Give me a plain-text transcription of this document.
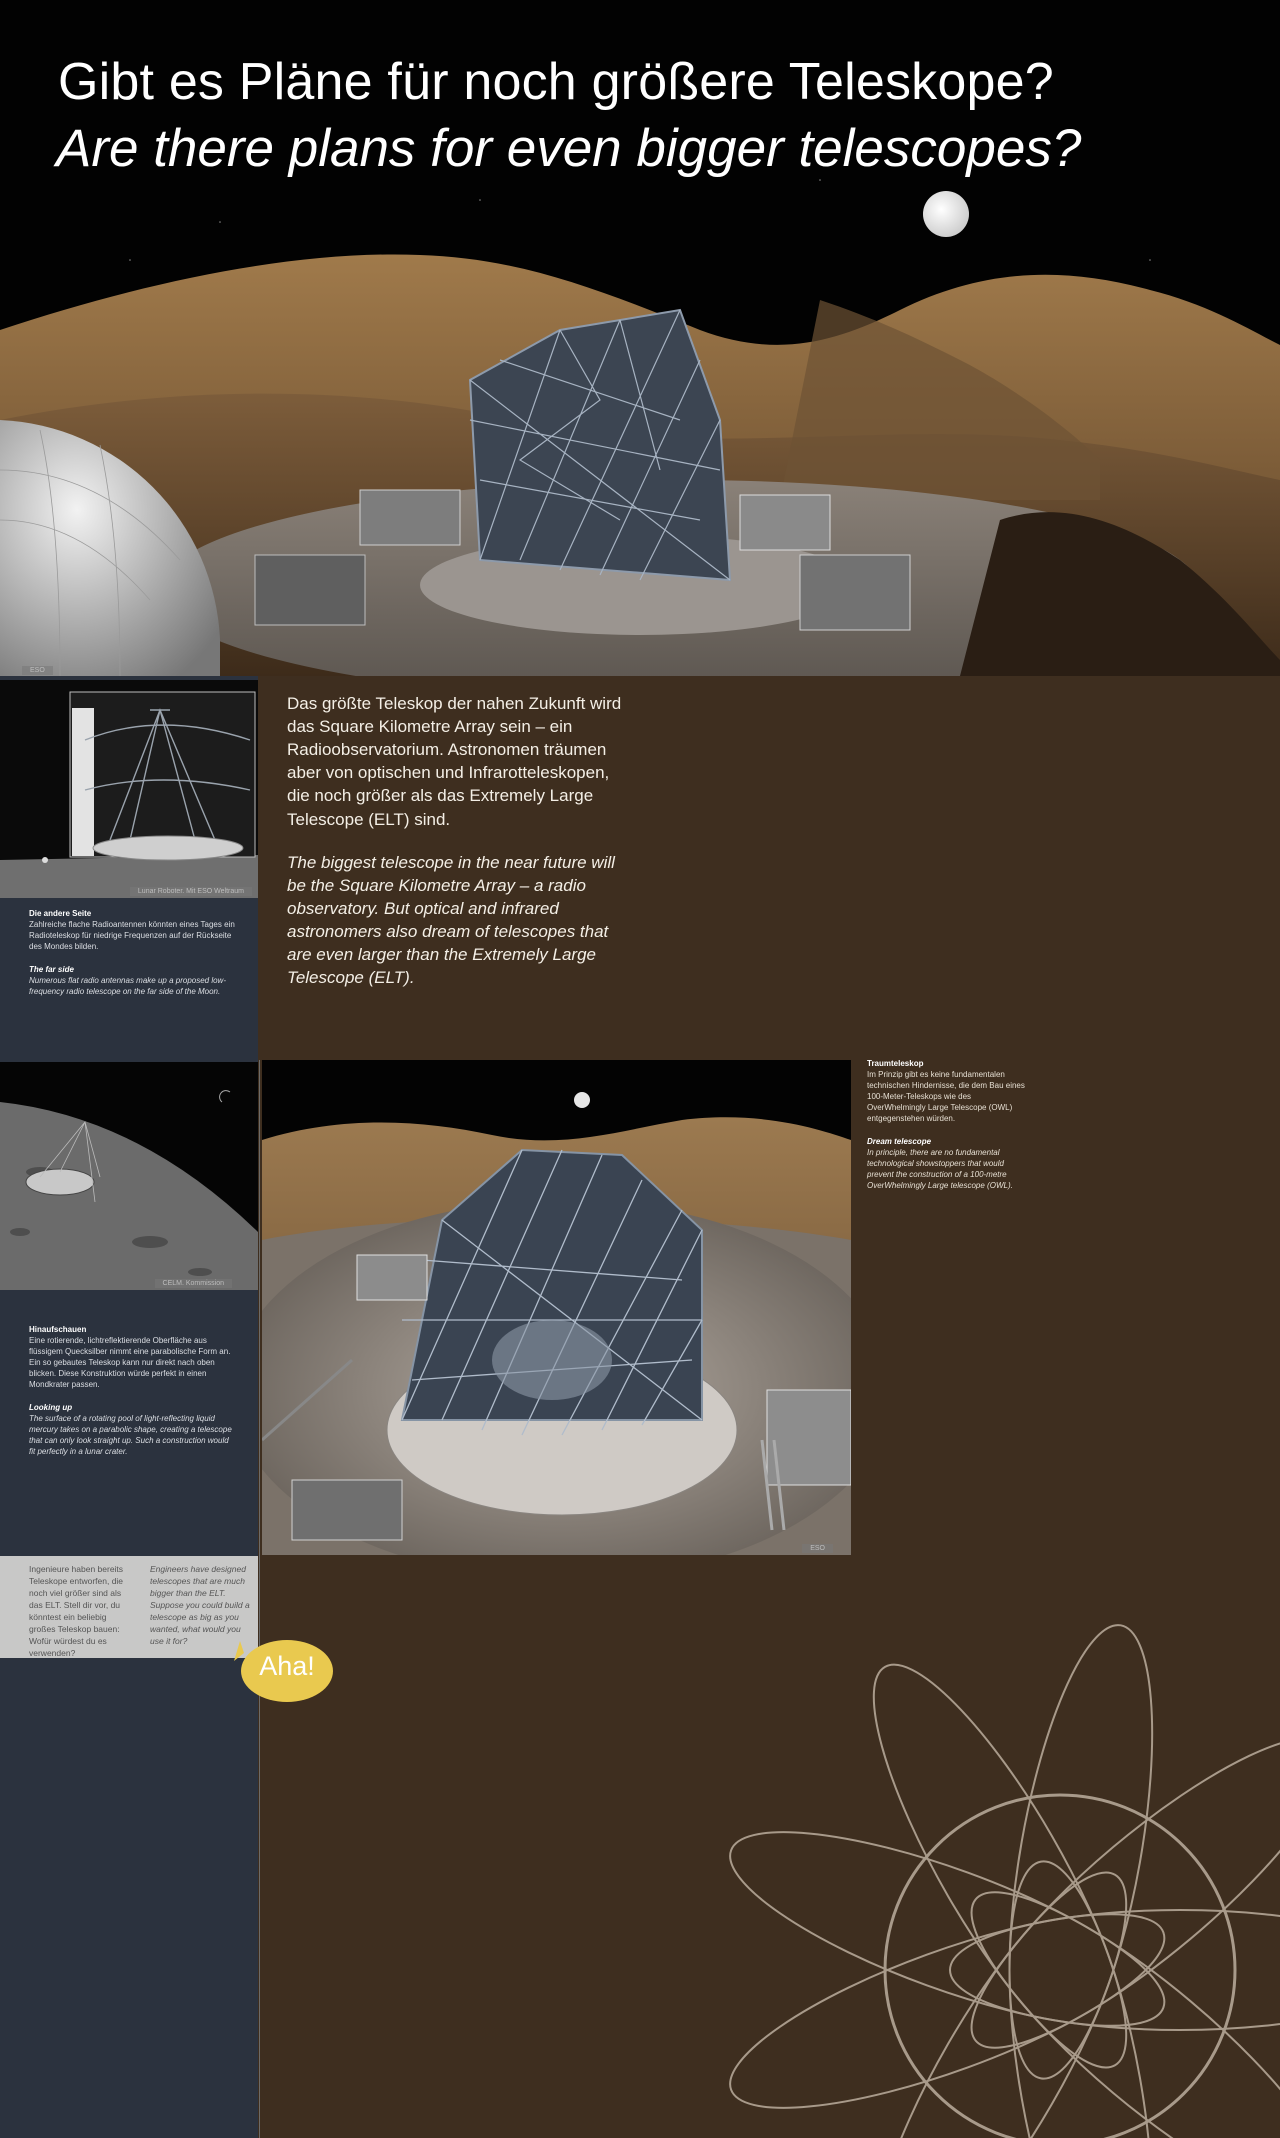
Gibt es Pläne für noch größere Teleskope?
Are there plans for even bigger telescopes?
ESO
Lunar Roboter. Mit ESO Weltraum

Die andere Seite

Zahlreiche flache Radioantennen könnten eines Tages ein Radioteleskop für niedrige Frequenzen auf der Rückseite des Mondes bilden.

The far side

Numerous flat radio antennas make up a proposed low-frequency radio telescope on the far side of the Moon.

CELM. Kommission

Hinaufschauen

Eine rotierende, lichtreflektierende Oberfläche aus flüssigem Quecksilber nimmt eine parabolische Form an. Ein so gebautes Teleskop kann nur direkt nach oben blicken. Diese Konstruktion würde perfekt in einen Mondkrater passen.

Looking up

The surface of a rotating pool of light-reflecting liquid mercury takes on a parabolic shape, creating a telescope that can only look straight up. Such a construction would fit perfectly in a lunar crater.

Das größte Teleskop der nahen Zukunft wird das Square Kilometre Array sein – ein Radioobservatorium. Astronomen träumen aber von optischen und Infrarotteleskopen, die noch größer als das Extremely Large Telescope (ELT) sind.

The biggest telescope in the near future will be the Square Kilometre Array – a radio observatory. But optical and infrared astronomers also dream of telescopes that are even larger than the Extremely Large Telescope (ELT).

ESO

Traumteleskop

Im Prinzip gibt es keine fundamentalen technischen Hindernisse, die dem Bau eines 100-Meter-Teleskops wie des OverWhelmingly Large Telescope (OWL) entgegenstehen würden.

Dream telescope

In principle, there are no fundamental technological showstoppers that would prevent the construction of a 100-metre OverWhelmingly Large telescope (OWL).

Ingenieure haben bereits Teleskope entworfen, die noch viel größer sind als das ELT. Stell dir vor, du könntest ein beliebig großes Teleskop bauen: Wofür würdest du es verwenden?
Engineers have designed telescopes that are much bigger than the ELT. Suppose you could build a telescope as big as you wanted, what would you use it for?
Aha!
